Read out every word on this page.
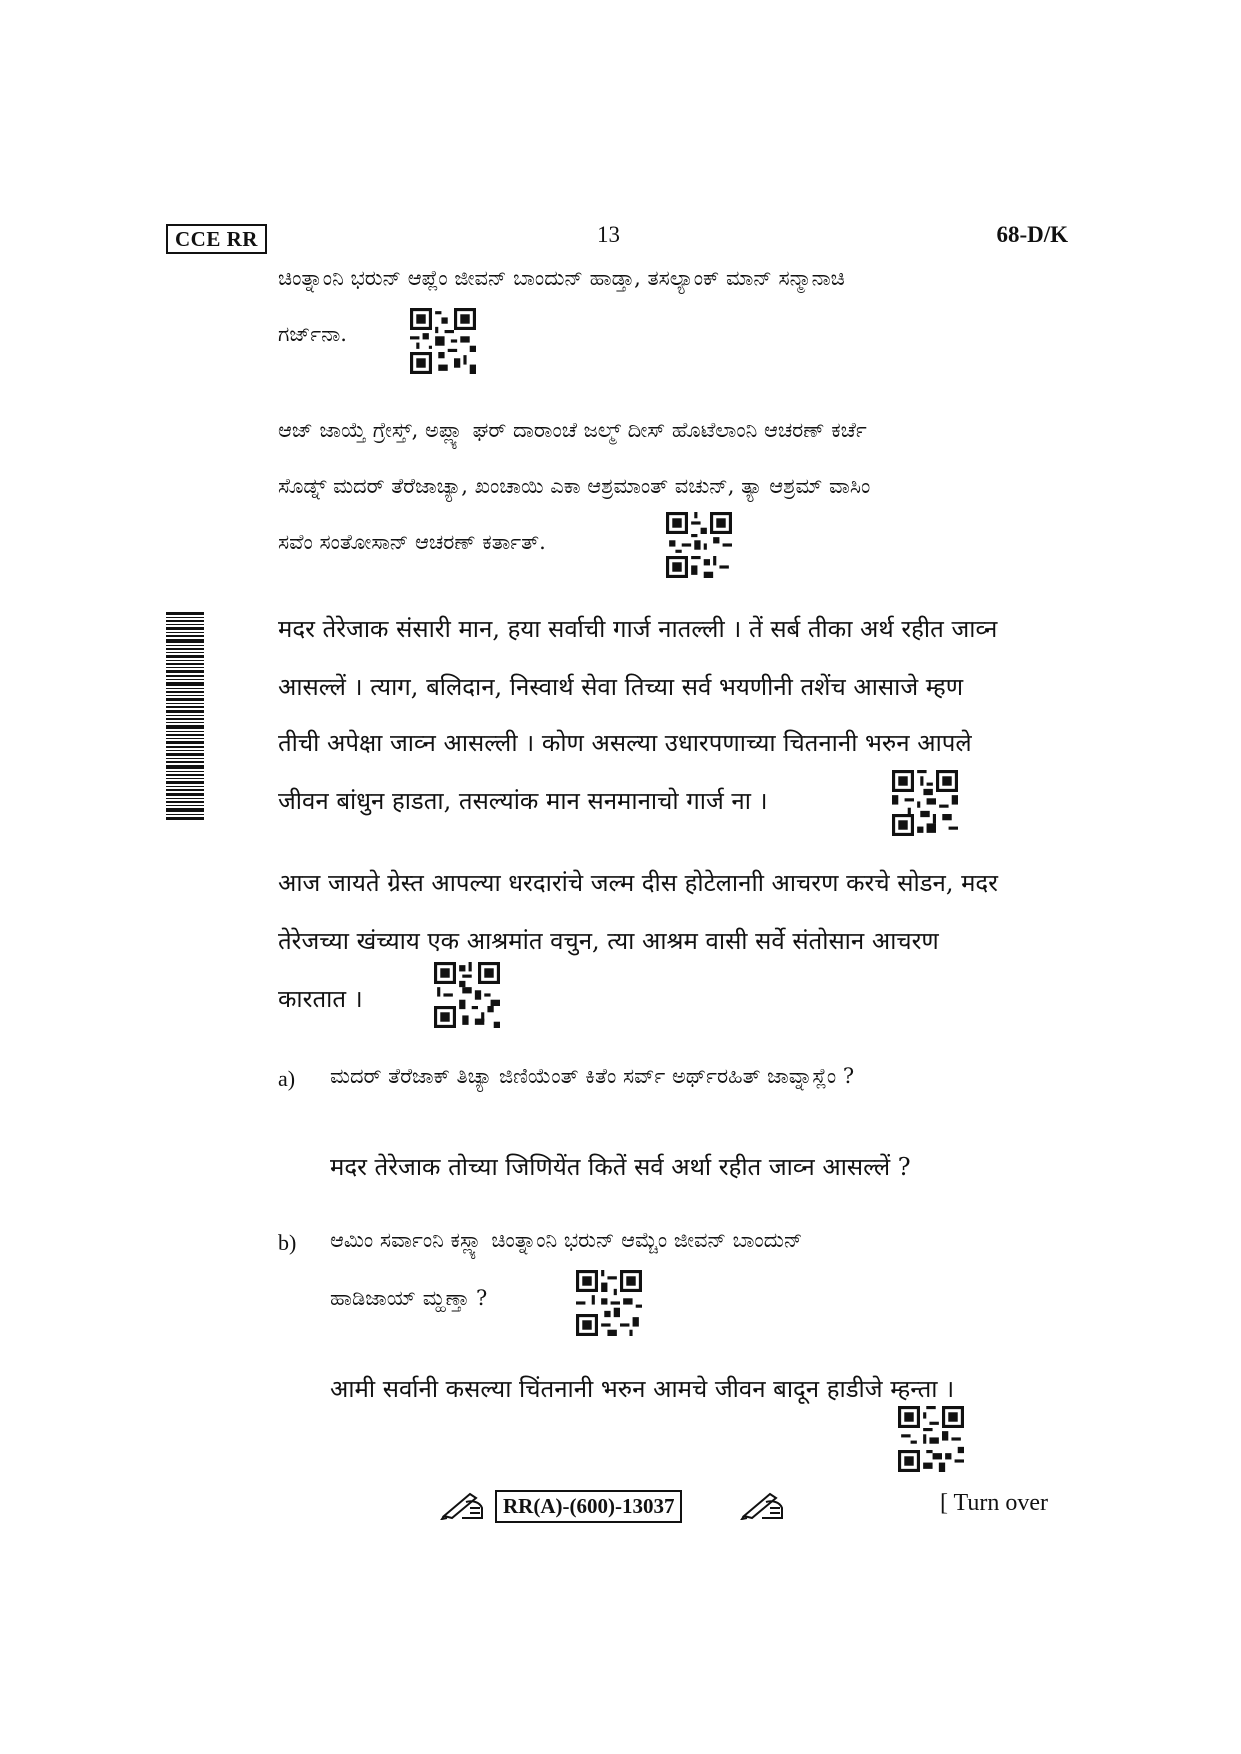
CCE RR	13	68-D/K
ಚಿಂತ್ನಾಂನಿ ಭರುನ್ ಆಪ್ಲೆಂ ಜೀವನ್ ಬಾಂದುನ್ ಹಾಡ್ತಾ, ತಸಲ್ಯಾಂಕ್ ಮಾನ್ ಸನ್ಮಾನಾಚಿ
ಗರ್ಜ್‌ನಾ.
ಆಜ್ ಜಾಯ್ತೆ ಗ್ರೇಸ್ತ್, ಅಪ್ಲ್ಯಾ ಘರ್ ದಾರಾಂಚೆ ಜಲ್ಮ್ ದೀಸ್ ಹೊಟೆಲಾಂನಿ ಆಚರಣ್ ಕರ್ಚೆ
ಸೊಡ್ನ್ ಮದರ್ ತೆರೆಜಾಚ್ಯಾ, ಖಂಚಾಯಿ ಎಕಾ ಆಶ್ರಮಾಂತ್ ವಚುನ್, ತ್ಯಾ ಆಶ್ರಮ್ ವಾಸಿಂ
ಸವೆಂ ಸಂತೋಸಾನ್ ಆಚರಣ್ ಕರ್ತಾತ್.
मदर तेरेजाक संसारी मान, हया सर्वाची गार्ज नातल्ली । तें सर्ब तीका अर्थ रहीत जाव्न
आसल्लें । त्याग, बलिदान, निस्वार्थ सेवा तिच्या सर्व भयणीनी तशेंच आसाजे म्हण
तीची अपेक्षा जाव्न आसल्ली । कोण असल्या उधारपणाच्या चितनानी भरुन आपले
जीवन बांधुन हाडता, तसल्यांक मान सनमानाचो गार्ज ना ।
आज जायते ग्रेस्त आपल्या धरदारांचे जल्म दीस होटेलानाी आचरण करचे सोडन, मदर
तेरेजच्या खंच्याय एक आश्रमांत वचुन, त्या आश्रम वासी सर्वे संतोसान आचरण
कारतात ।
a) ಮದರ್ ತೆರೆಜಾಕ್ ತಿಚ್ಯಾ ಜಿಣಿಯೆಂತ್ ಕಿತೆಂ ಸರ್ವ್ ಅರ್ಥ್‌ರಹಿತ್ ಜಾವ್ನಾಸ್ಲೆಂ ?
मदर तेरेजाक तोच्या जिणियेंत कितें सर्व अर्था रहीत जाव्न आसल्लें ?
b) ಆಮಿಂ ಸರ್ವಾಂನಿ ಕಸ್ಲ್ಯಾ ಚಿಂತ್ನಾಂನಿ ಭರುನ್ ಆಮ್ಚೆಂ ಜೀವನ್ ಬಾಂದುನ್
ಹಾಡಿಜಾಯ್ ಮ್ಹಣ್ತಾ ?
आमी सर्वानी कसल्या चिंतनानी भरुन आमचे जीवन बादून हाडीजे म्हन्ता ।
RR(A)-(600)-13037	[ Turn over
